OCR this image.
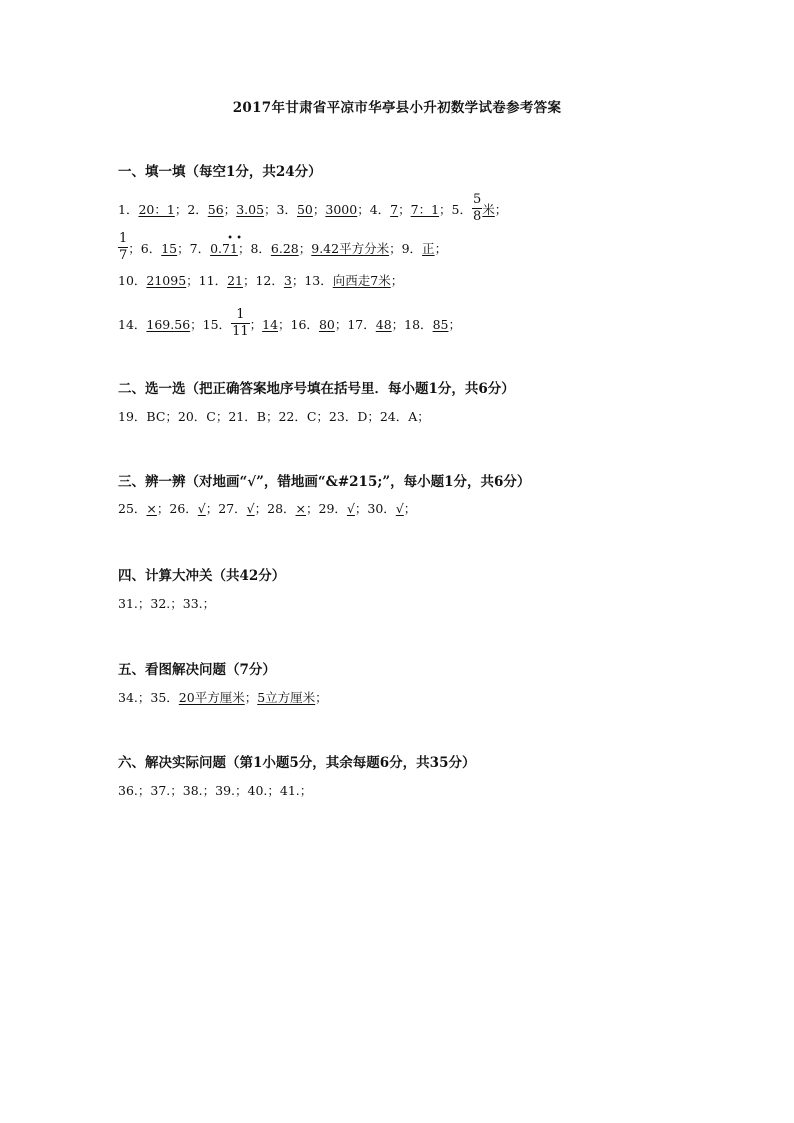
2017年甘肃省平凉市华亭县小升初数学试卷参考答案
一、填一填（每空1分，共24分）
1．20：1；2．56；3.05；3．50；3000；4．7；7：1；5． $\frac{5}{8}$ 米；
$\frac{1}{7}$ ；6．15；7．0.71
• •
；8．6.28；9.42平方分米；9．正；
10．21095；11．21；12．3；13．向西走7米；
14．169.56；15． $\frac{1}{11}$ ；14；16．80；17．48；18．85；
二、选一选（把正确答案地序号填在括号里．每小题1分，共6分）
19．BC；20．C；21．B；22．C；23．D；24．A；
三、辨一辨（对地画“√”，错地画“&#215;”，每小题1分，共6分）
25．×；26．√；27．√；28．×；29．√；30．√；
四、计算大冲关（共42分）
31.；32.；33.；
五、看图解决问题（7分）
34.；35．20平方厘米；5立方厘米；
六、解决实际问题（第1小题5分，其余每题6分，共35分）
36.；37.；38.；39.；40.；41.；
